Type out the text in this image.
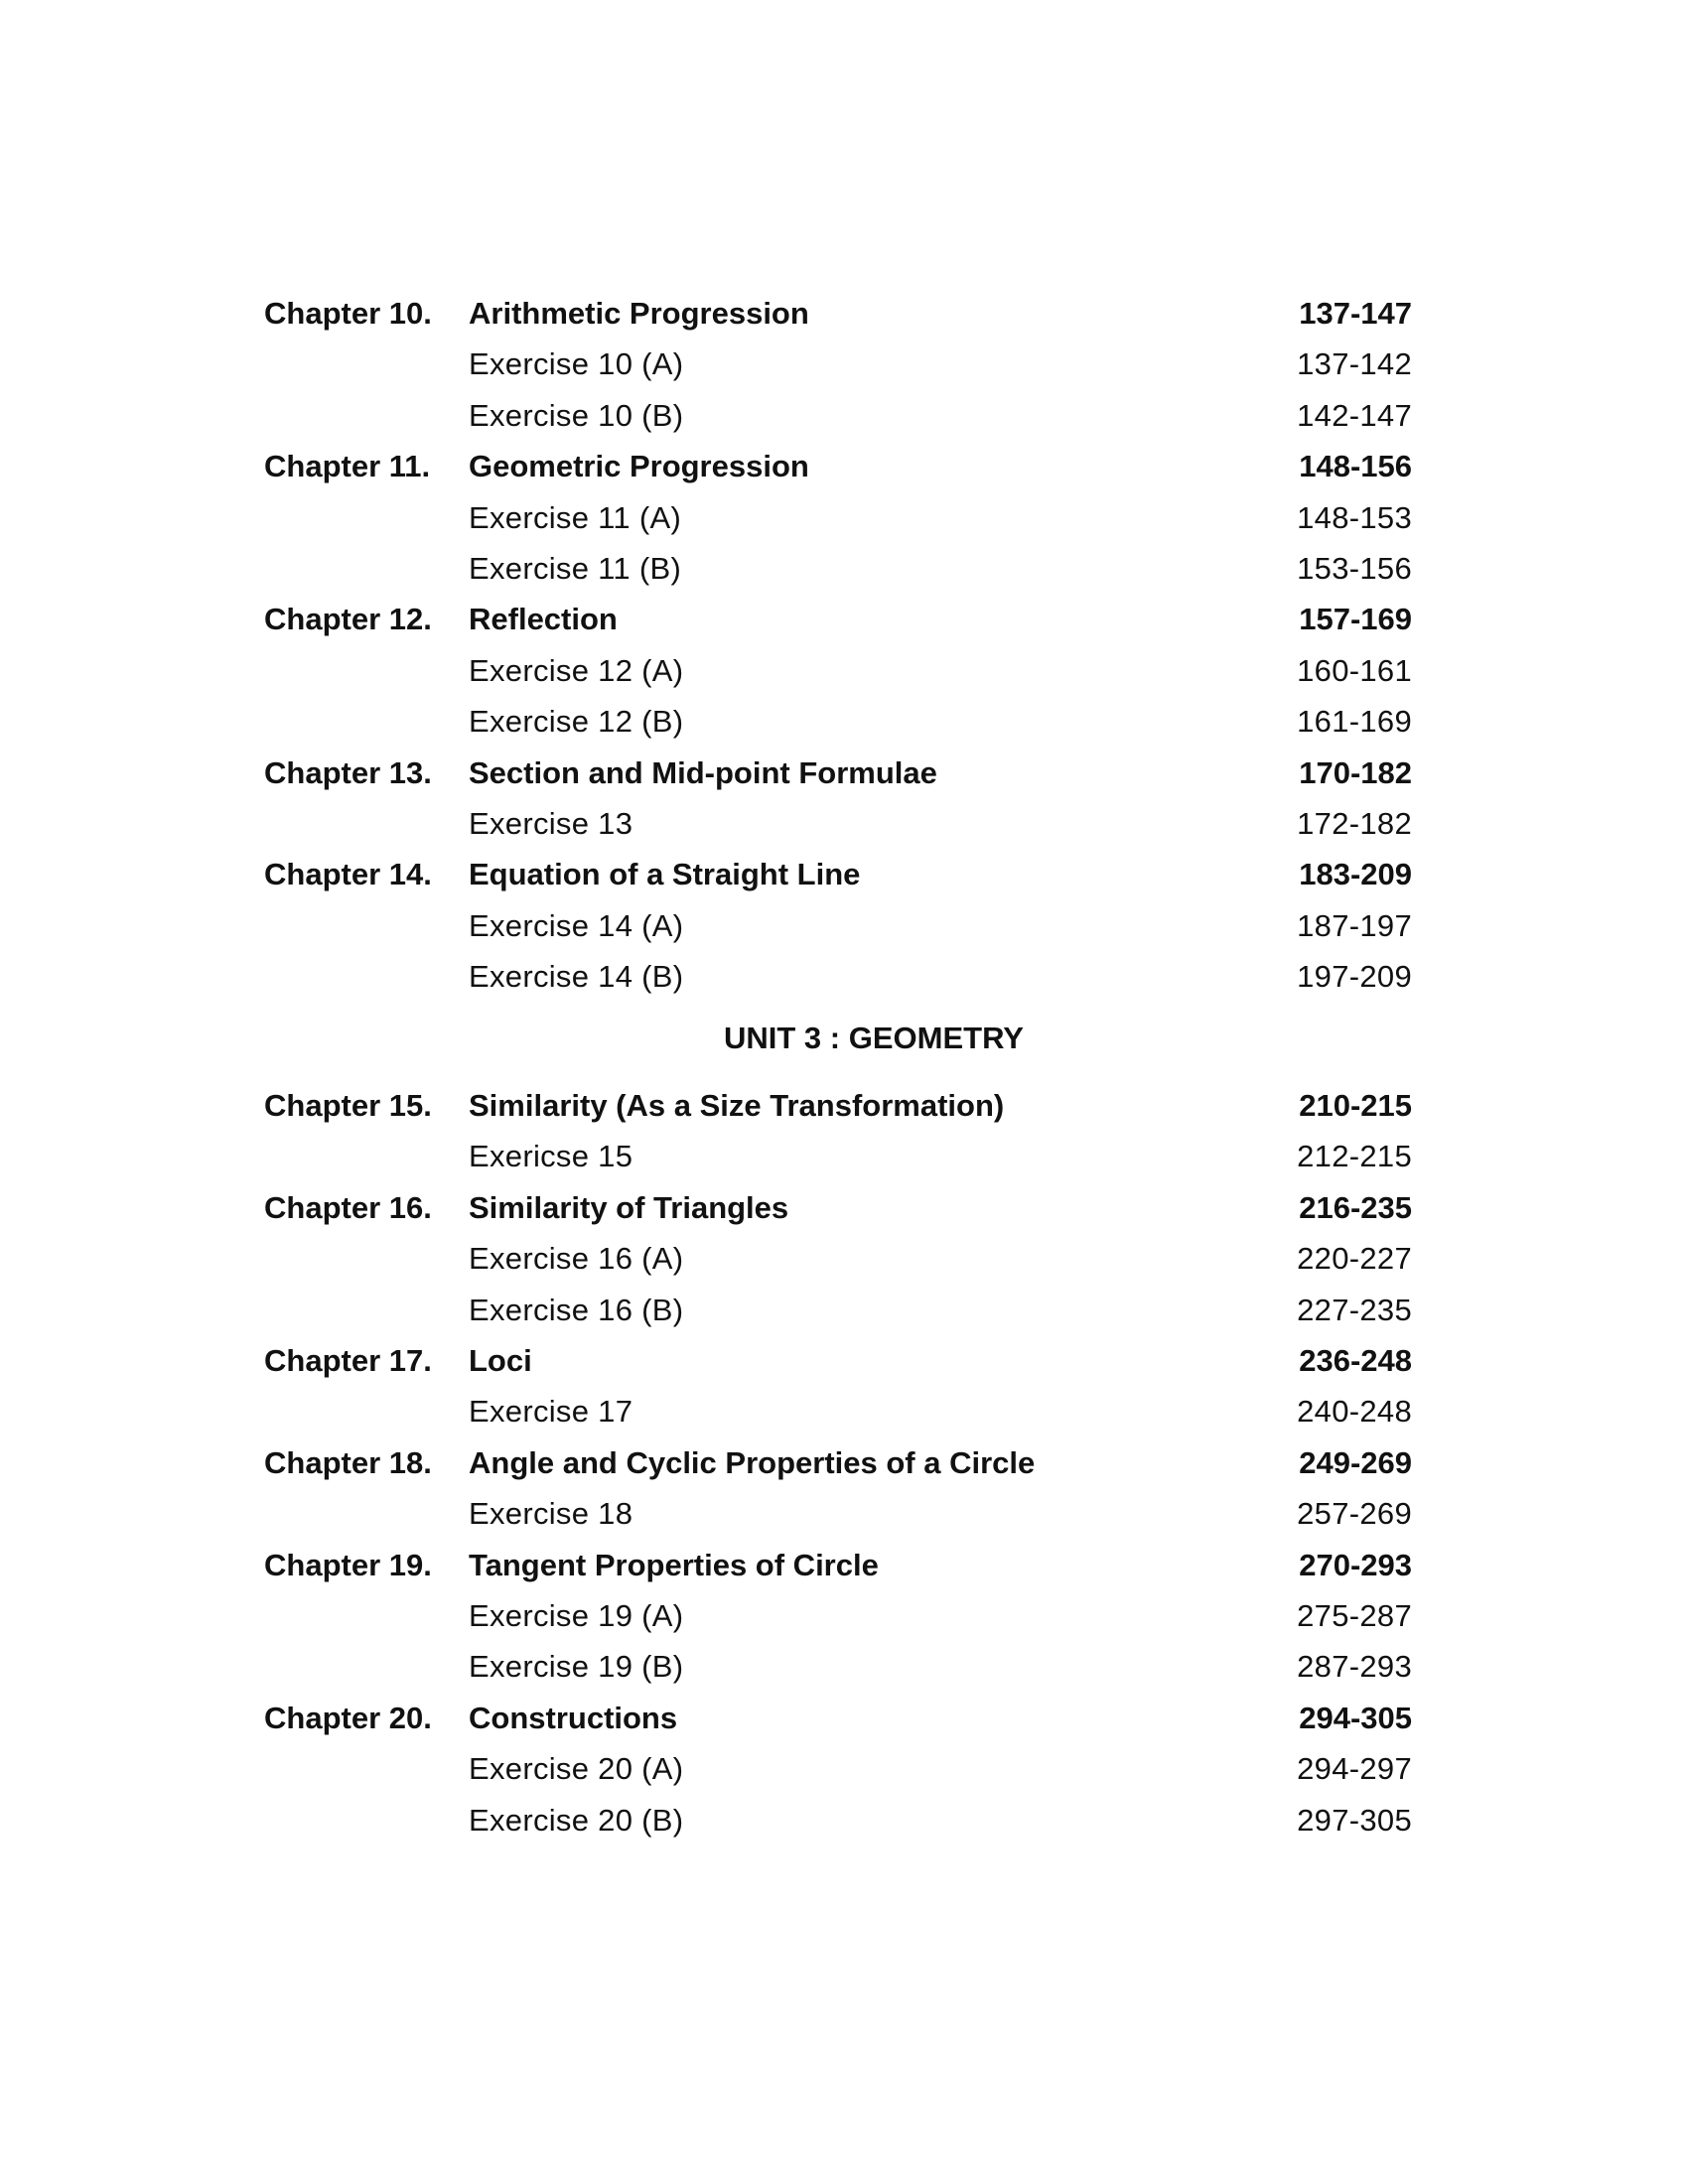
UNIT 3 : GEOMETRY
Chapter 10. Arithmetic Progression	137-147
Exercise 10 (A)	137-142
Exercise 10 (B)	142-147
Chapter 11. Geometric Progression	148-156
Exercise 11 (A)	148-153
Exercise 11 (B)	153-156
Chapter 12. Reflection	157-169
Exercise 12 (A)	160-161
Exercise 12 (B)	161-169
Chapter 13. Section and Mid-point Formulae	170-182
Exercise 13	172-182
Chapter 14. Equation of a Straight Line	183-209
Exercise 14 (A)	187-197
Exercise 14 (B)	197-209
Chapter 15. Similarity (As a Size Transformation)	210-215
Exericse 15	212-215
Chapter 16. Similarity of Triangles	216-235
Exercise 16 (A)	220-227
Exercise 16 (B)	227-235
Chapter 17. Loci	236-248
Exercise 17	240-248
Chapter 18. Angle and Cyclic Properties of a Circle	249-269
Exercise 18	257-269
Chapter 19. Tangent Properties of Circle	270-293
Exercise 19 (A)	275-287
Exercise 19 (B)	287-293
Chapter 20. Constructions	294-305
Exercise 20 (A)	294-297
Exercise 20 (B)	297-305
